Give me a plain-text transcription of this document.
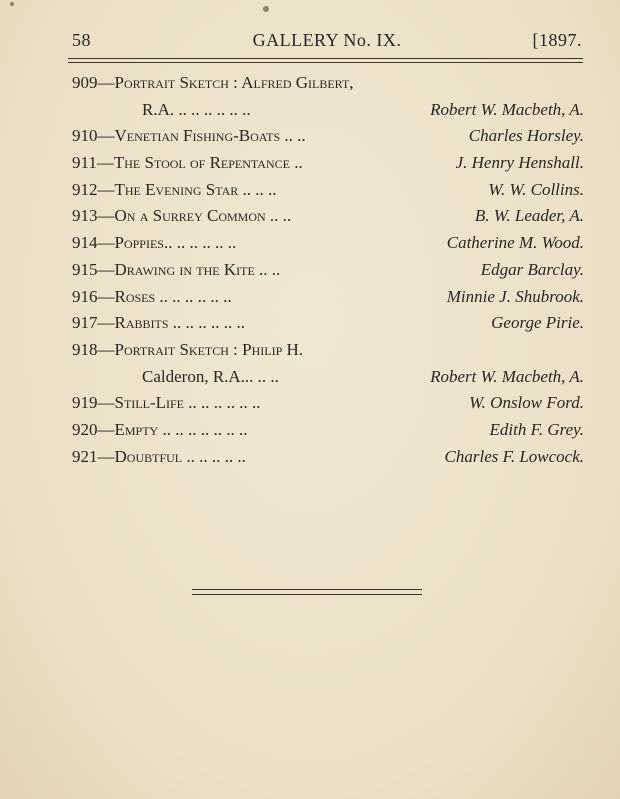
58	GALLERY No. IX.	[1897.
909—Portrait Sketch : Alfred Gilbert,
R.A. .. .. .. .. .. ..	Robert W. Macbeth, A.
910—Venetian Fishing-Boats .. ..	Charles Horsley.
911—The Stool of Repentance ..	J. Henry Henshall.
912—The Evening Star .. .. ..	W. W. Collins.
913—On a Surrey Common .. ..	B. W. Leader, A.
914—Poppies.. .. .. .. .. ..	Catherine M. Wood.
915—Drawing in the Kite .. ..	Edgar Barclay.
916—Roses .. .. .. .. .. ..	Minnie J. Shubrook.
917—Rabbits .. .. .. .. .. ..	George Pirie.
918—Portrait Sketch : Philip H.
Calderon, R.A... .. ..	Robert W. Macbeth, A.
919—Still-Life .. .. .. .. .. ..	W. Onslow Ford.
920—Empty .. .. .. .. .. .. ..	Edith F. Grey.
921—Doubtful .. .. .. .. ..	Charles F. Lowcock.
